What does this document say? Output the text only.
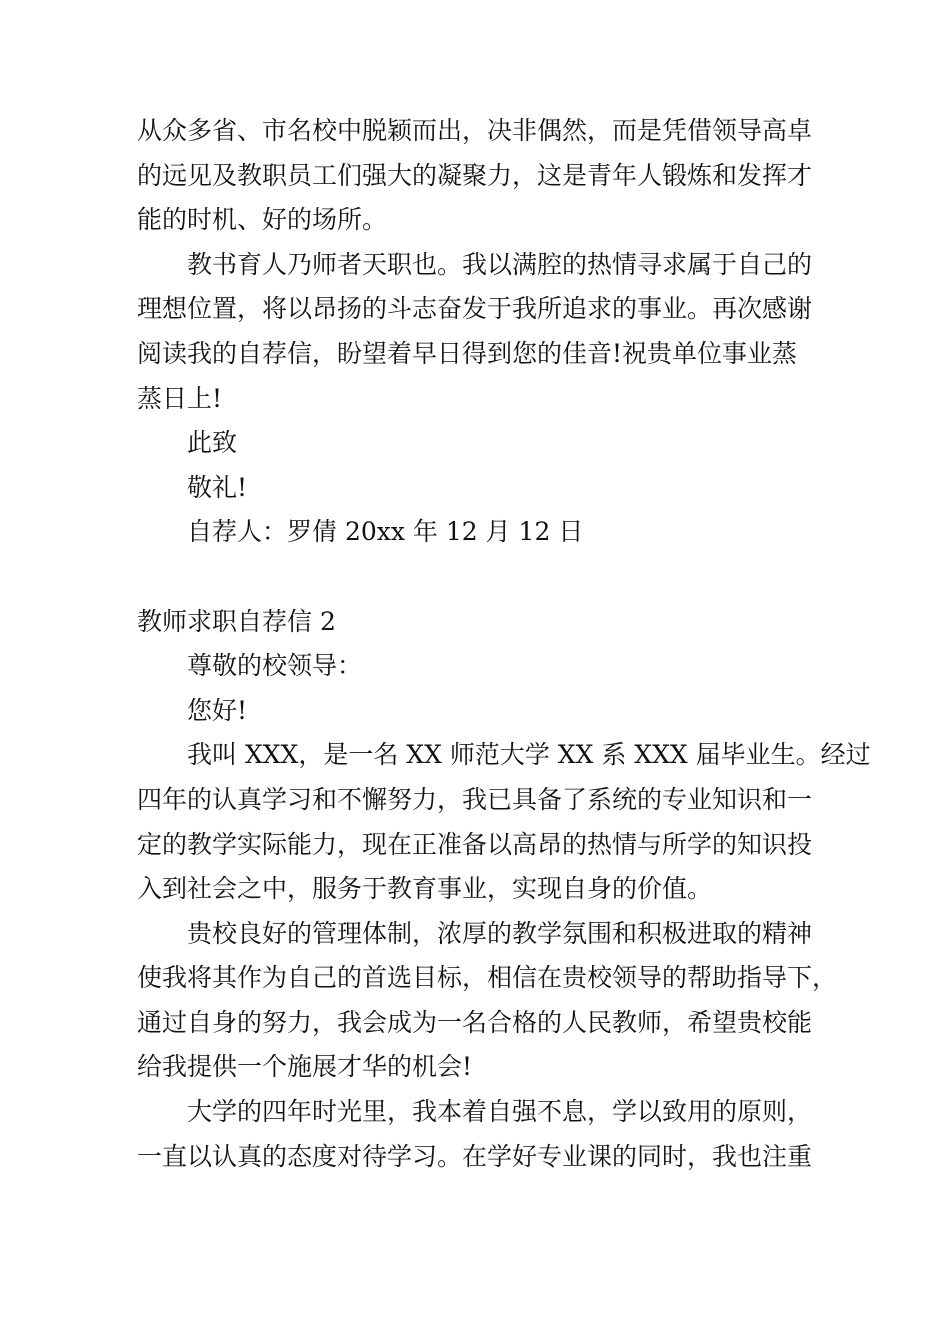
从众多省、市名校中脱颖而出，决非偶然，而是凭借领导高卓
的远见及教职员工们强大的凝聚力，这是青年人锻炼和发挥才
能的时机、好的场所。
教书育人乃师者天职也。我以满腔的热情寻求属于自己的
理想位置，将以昂扬的斗志奋发于我所追求的事业。再次感谢
阅读我的自荐信，盼望着早日得到您的佳音!祝贵单位事业蒸
蒸日上!
此致
敬礼!
自荐人：罗倩 20xx 年 12 月 12 日
教师求职自荐信 2
尊敬的校领导：
您好!
我叫 XXX，是一名 XX 师范大学 XX 系 XXX 届毕业生。经过
四年的认真学习和不懈努力，我已具备了系统的专业知识和一
定的教学实际能力，现在正准备以高昂的热情与所学的知识投
入到社会之中，服务于教育事业，实现自身的价值。
贵校良好的管理体制，浓厚的教学氛围和积极进取的精神
使我将其作为自己的首选目标，相信在贵校领导的帮助指导下，
通过自身的努力，我会成为一名合格的人民教师，希望贵校能
给我提供一个施展才华的机会!
大学的四年时光里，我本着自强不息，学以致用的原则，
一直以认真的态度对待学习。在学好专业课的同时，我也注重
